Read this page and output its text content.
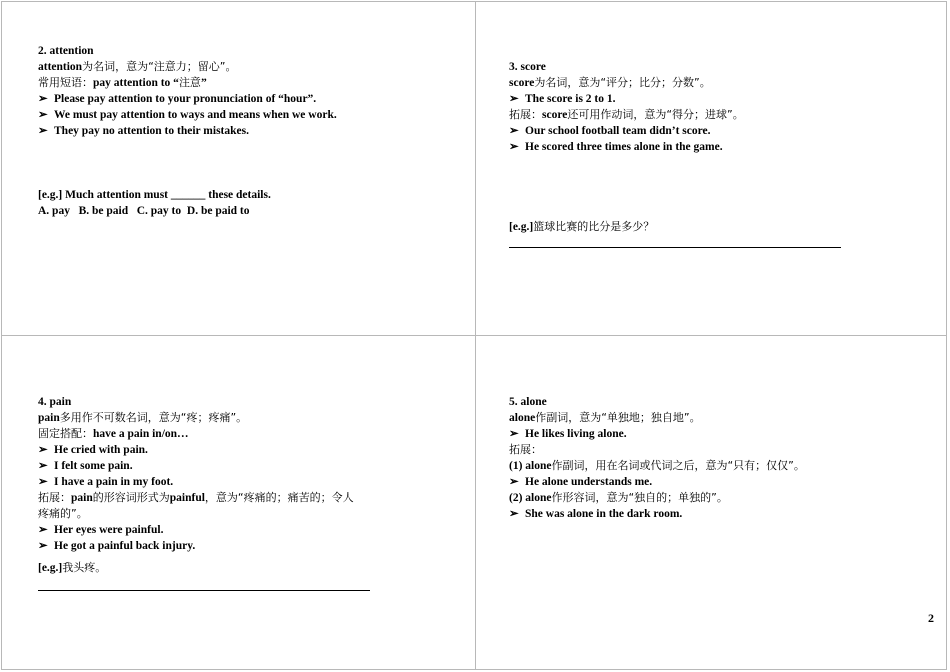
2. attention
attention为名词，意为“注意力；留心”。
常用短语：pay attention to “注意”
➢ Please pay attention to your pronunciation of “hour”.
➢ We must pay attention to ways and means when we work.
➢ They pay no attention to their mistakes.
[e.g.] Much attention must ______ these details.
A. pay   B. be paid   C. pay to  D. be paid to
3. score
score为名词，意为“评分；比分；分数”。
➢ The score is 2 to 1.
拓展：score还可用作动词，意为“得分；进球”。
➢ Our school football team didn’t score.
➢ He scored three times alone in the game.
[e.g.]篮球比赛的比分是多少？
4. pain
pain多用作不可数名词，意为“疼；疼痛”。
固定搭配：have a pain in/on…
➢ He cried with pain.
➢ I felt some pain.
➢ I have a pain in my foot.
拓展：pain的形容词形式为painful，意为“疼痛的；痛苦的；令人
疼痛的”。
➢ Her eyes were painful.
➢ He got a painful back injury.
[e.g.]我头疼。
5. alone
alone作副词，意为“单独地；独自地”。
➢ He likes living alone.
拓展：
(1) alone作副词，用在名词或代词之后，意为“只有；仅仅”。
➢ He alone understands me.
(2) alone作形容词，意为“独自的；单独的”。
➢ She was alone in the dark room.
2
